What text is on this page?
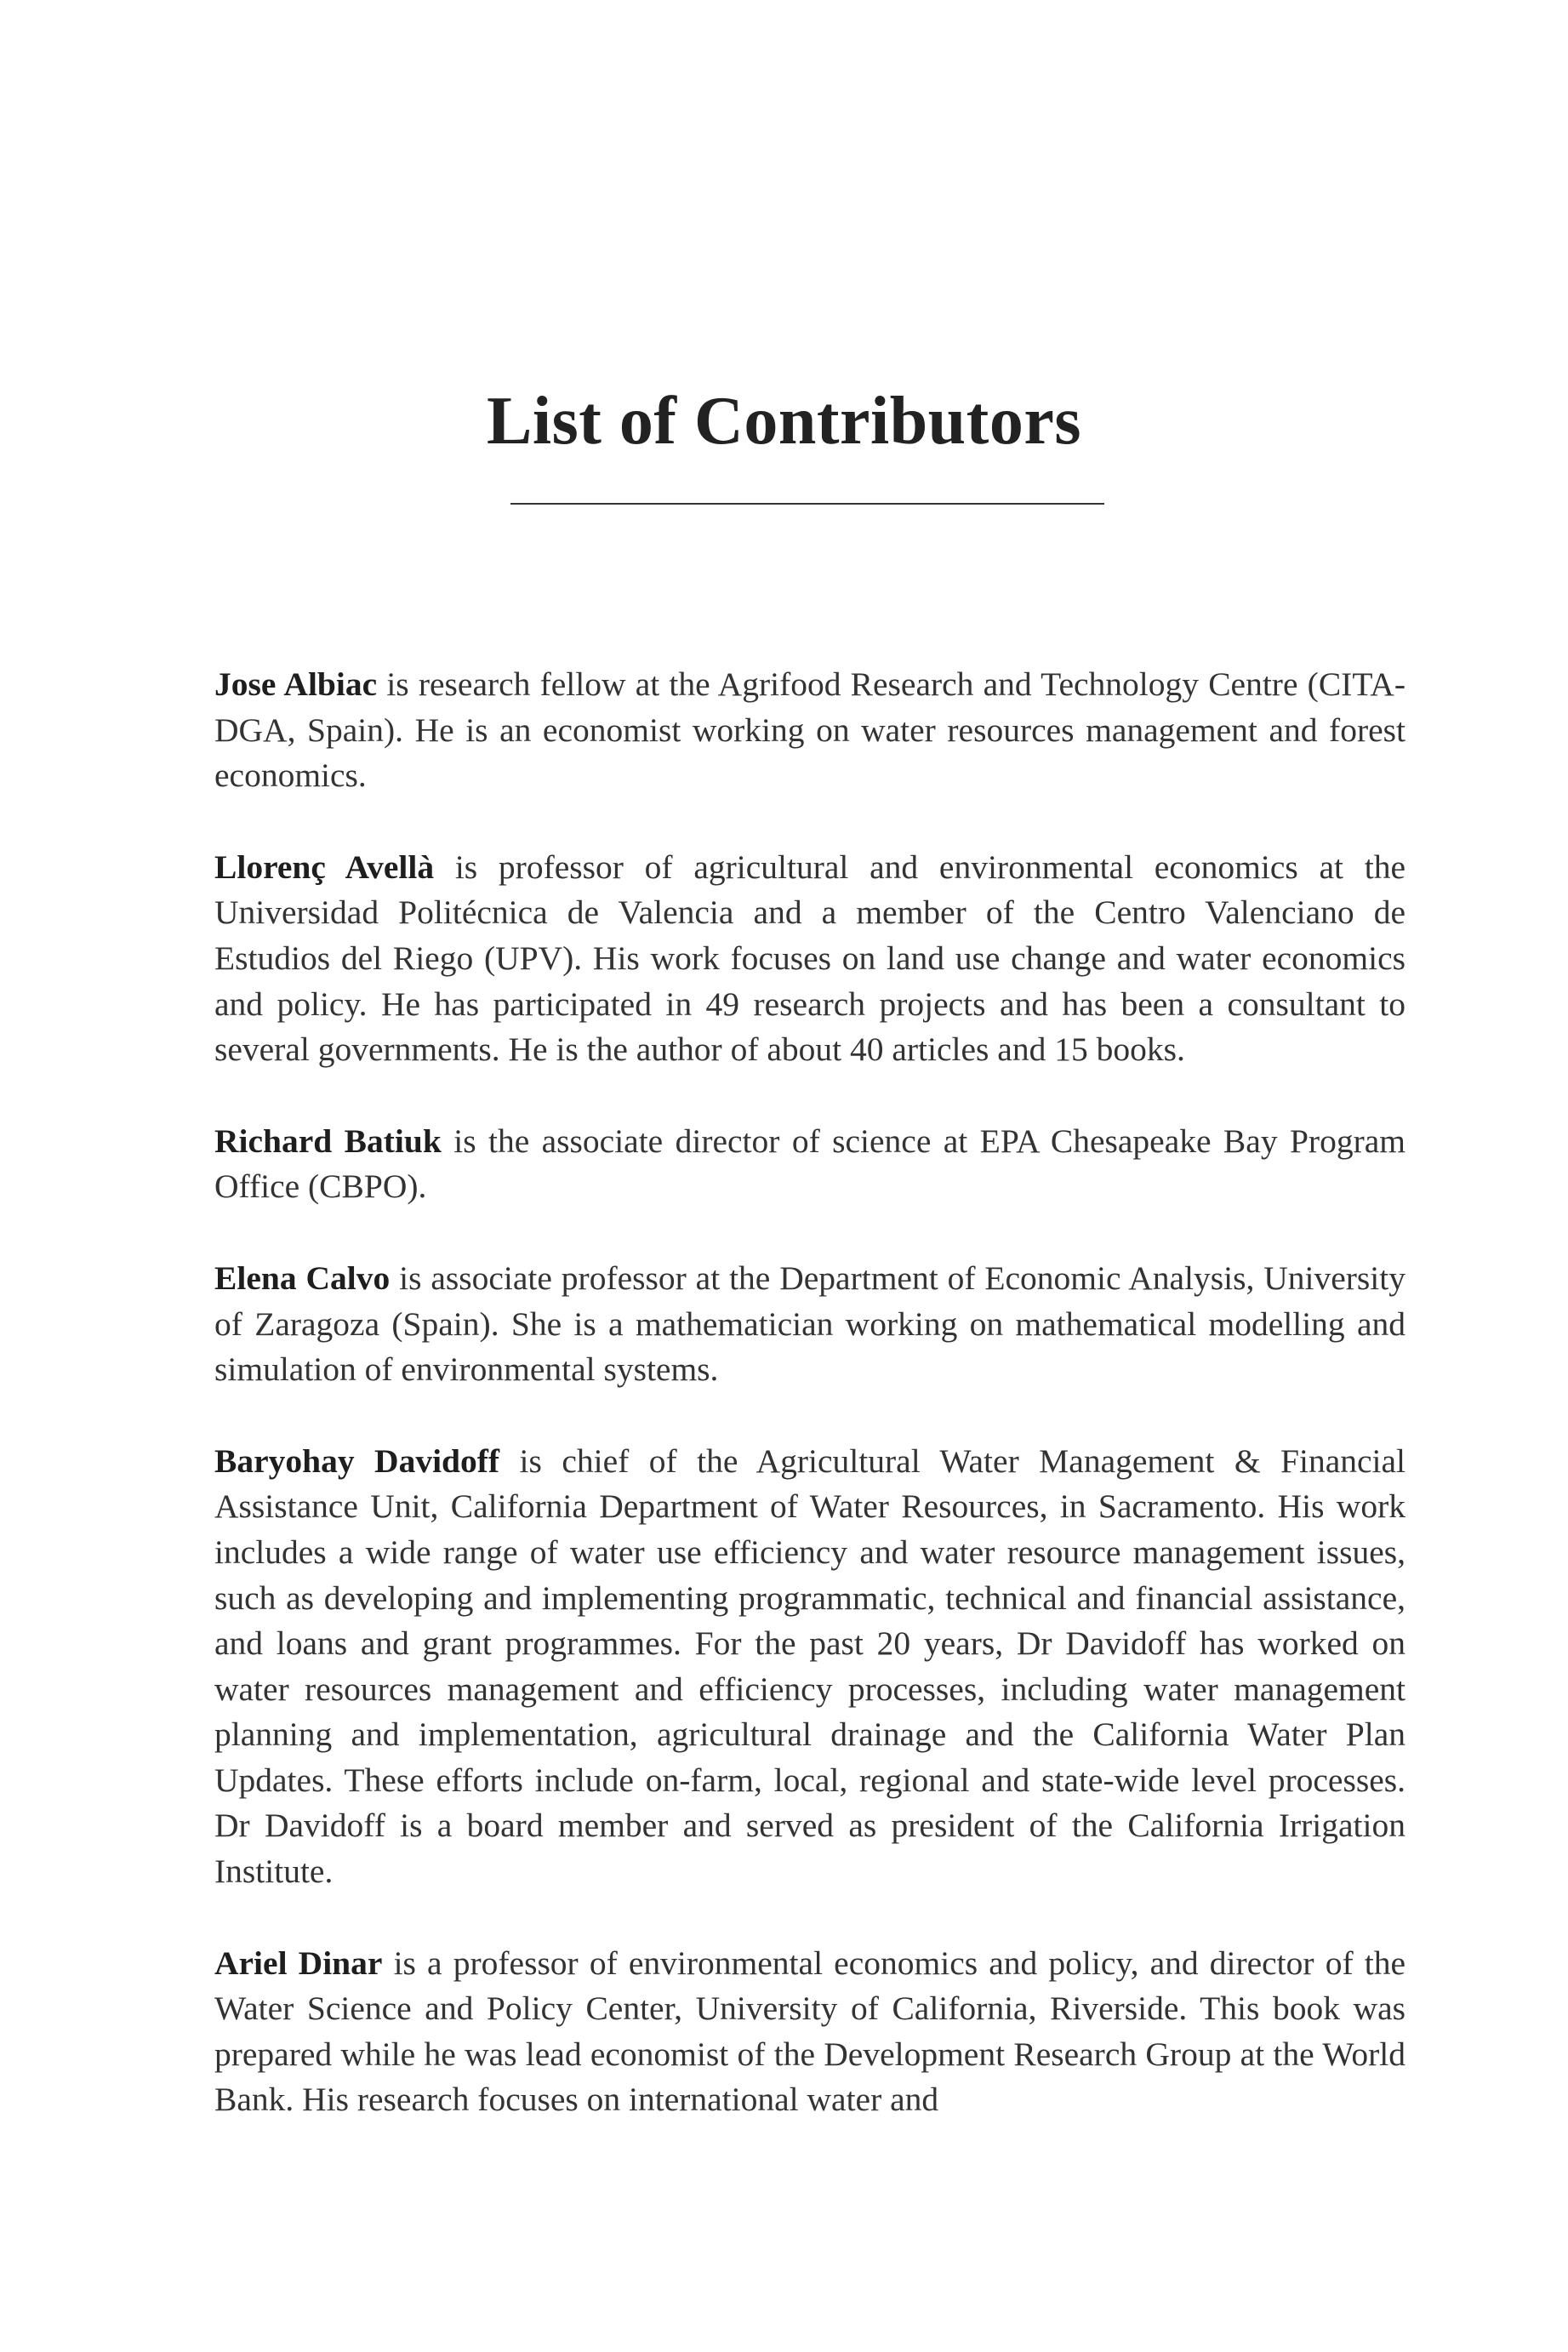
List of Contributors

Jose Albiac is research fellow at the Agrifood Research and Technology Centre (CITA-DGA, Spain). He is an economist working on water resources management and forest economics.

Llorenç Avellà is professor of agricultural and environmental economics at the Universidad Politécnica de Valencia and a member of the Centro Valenciano de Estudios del Riego (UPV). His work focuses on land use change and water economics and policy. He has participated in 49 research projects and has been a consultant to several governments. He is the author of about 40 articles and 15 books.

Richard Batiuk is the associate director of science at EPA Chesapeake Bay Program Office (CBPO).

Elena Calvo is associate professor at the Department of Economic Analysis, University of Zaragoza (Spain). She is a mathematician working on mathematical modelling and simulation of environmental systems.

Baryohay Davidoff is chief of the Agricultural Water Management & Financial Assistance Unit, California Department of Water Resources, in Sacramento. His work includes a wide range of water use efficiency and water resource management issues, such as developing and implementing programmatic, technical and financial assistance, and loans and grant programmes. For the past 20 years, Dr Davidoff has worked on water resources management and efficiency processes, including water management planning and implementation, agricultural drainage and the California Water Plan Updates. These efforts include on-farm, local, regional and state-wide level processes. Dr Davidoff is a board member and served as president of the California Irrigation Institute.

Ariel Dinar is a professor of environmental economics and policy, and director of the Water Science and Policy Center, University of California, Riverside. This book was prepared while he was lead economist of the Development Research Group at the World Bank. His research focuses on international water and
